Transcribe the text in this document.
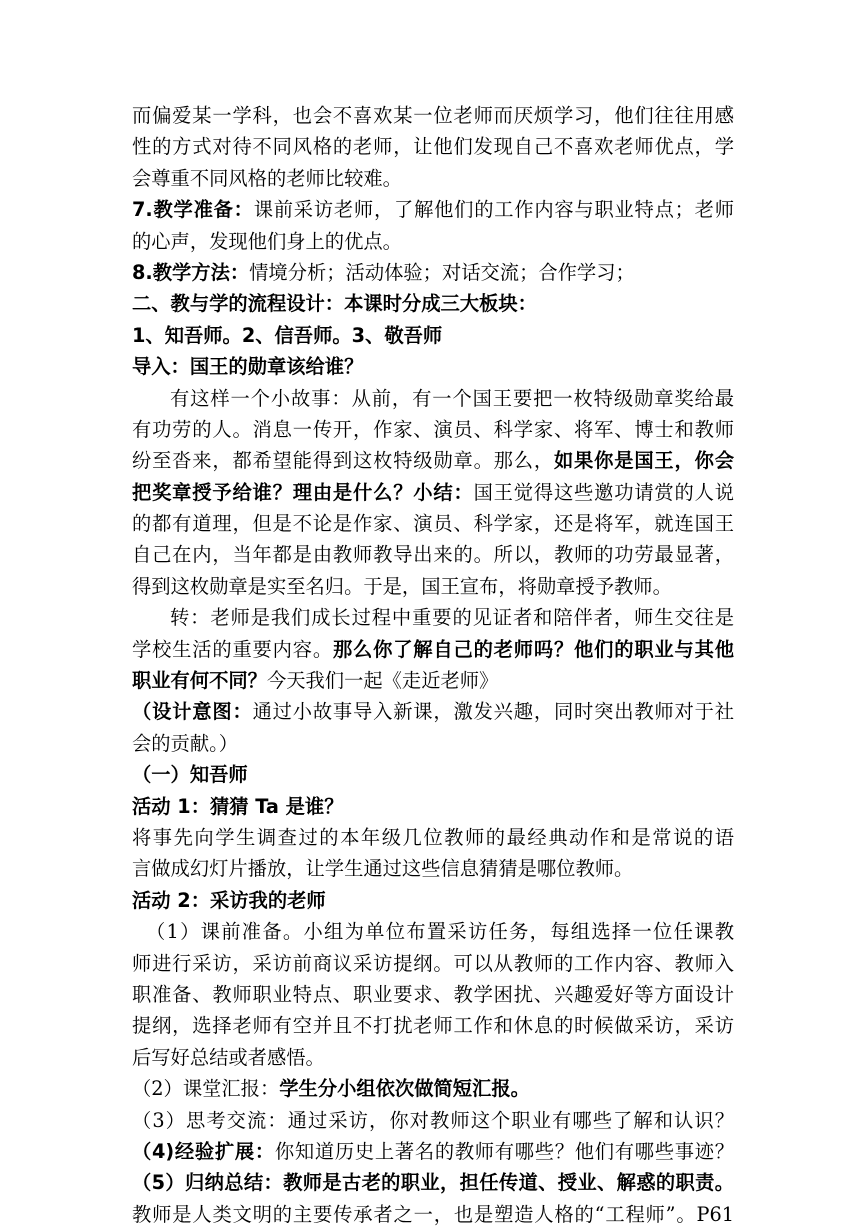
而偏爱某一学科，也会不喜欢某一位老师而厌烦学习，他们往往用感
性的方式对待不同风格的老师，让他们发现自己不喜欢老师优点，学
会尊重不同风格的老师比较难。
7.教学准备：课前采访老师，了解他们的工作内容与职业特点；老师
的心声，发现他们身上的优点。
8.教学方法：情境分析；活动体验；对话交流；合作学习；
二、教与学的流程设计：本课时分成三大板块：
1、知吾师。2、信吾师。3、敬吾师
导入：国王的勋章该给谁？
有这样一个小故事：从前，有一个国王要把一枚特级勋章奖给最
有功劳的人。消息一传开，作家、演员、科学家、将军、博士和教师
纷至沓来，都希望能得到这枚特级勋章。那么，如果你是国王，你会
把奖章授予给谁？理由是什么？小结：国王觉得这些邀功请赏的人说
的都有道理，但是不论是作家、演员、科学家，还是将军，就连国王
自己在内，当年都是由教师教导出来的。所以，教师的功劳最显著，
得到这枚勋章是实至名归。于是，国王宣布，将勋章授予教师。
转：老师是我们成长过程中重要的见证者和陪伴者，师生交往是
学校生活的重要内容。那么你了解自己的老师吗？他们的职业与其他
职业有何不同？今天我们一起《走近老师》
（设计意图：通过小故事导入新课，激发兴趣，同时突出教师对于社
会的贡献。）
（一）知吾师
活动 1：猜猜 Ta 是谁？
将事先向学生调查过的本年级几位教师的最经典动作和是常说的语
言做成幻灯片播放，让学生通过这些信息猜猜是哪位教师。
活动 2：采访我的老师
（1）课前准备。小组为单位布置采访任务，每组选择一位任课教
师进行采访，采访前商议采访提纲。可以从教师的工作内容、教师入
职准备、教师职业特点、职业要求、教学困扰、兴趣爱好等方面设计
提纲，选择老师有空并且不打扰老师工作和休息的时候做采访，采访
后写好总结或者感悟。
（2）课堂汇报：学生分小组依次做简短汇报。
（3）思考交流：通过采访，你对教师这个职业有哪些了解和认识？
（4)经验扩展：你知道历史上著名的教师有哪些？他们有哪些事迹？
（5）归纳总结：教师是古老的职业，担任传道、授业、解惑的职责。
教师是人类文明的主要传承者之一，也是塑造人格的“工程师”。P61
